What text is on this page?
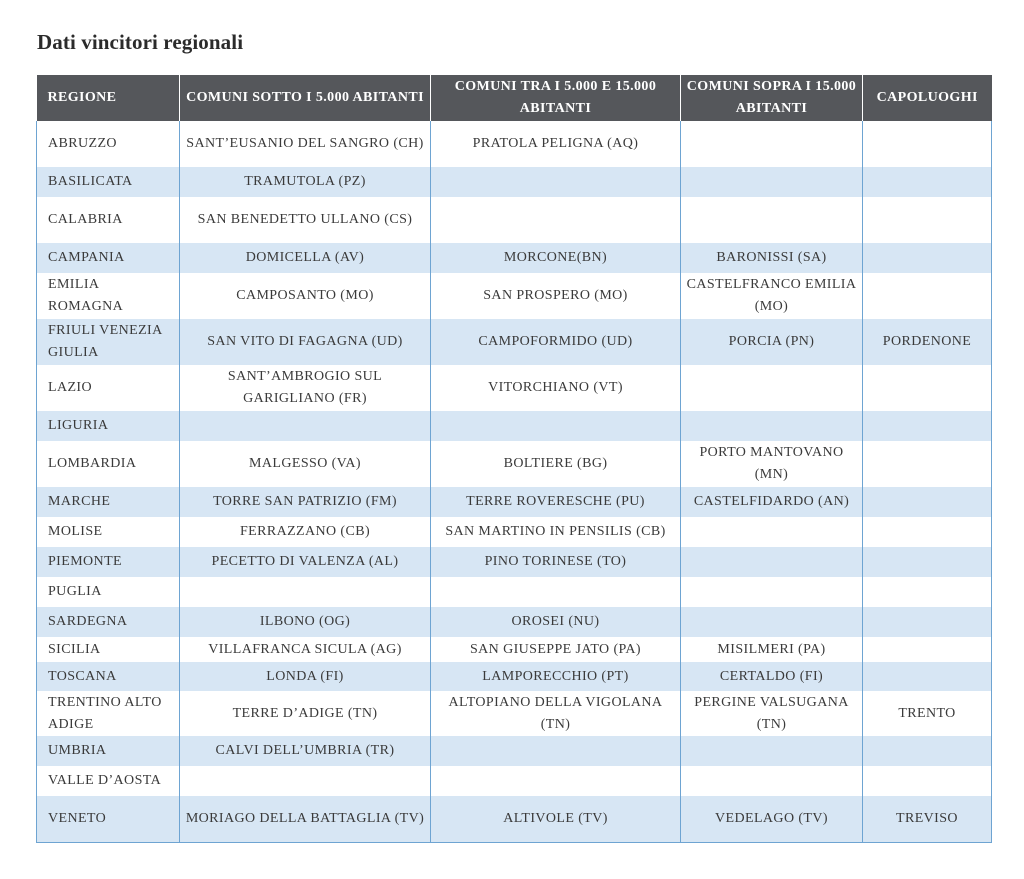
Dati vincitori regionali
REGIONE	COMUNI SOTTO I 5.000 ABITANTI	COMUNI TRA I 5.000 E 15.000 ABITANTI	COMUNI SOPRA I 15.000 ABITANTI	CAPOLUOGHI
ABRUZZO	SANT’EUSANIO DEL SANGRO (CH)	PRATOLA PELIGNA (AQ)		
BASILICATA	TRAMUTOLA (PZ)			
CALABRIA	SAN BENEDETTO ULLANO (CS)			
CAMPANIA	DOMICELLA (AV)	MORCONE(BN)	BARONISSI (SA)	
EMILIA ROMAGNA	CAMPOSANTO (MO)	SAN PROSPERO (MO)	CASTELFRANCO EMILIA (MO)	
FRIULI VENEZIA GIULIA	SAN VITO DI FAGAGNA (UD)	CAMPOFORMIDO (UD)	PORCIA (PN)	PORDENONE
LAZIO	SANT’AMBROGIO SUL GARIGLIANO (FR)	VITORCHIANO (VT)		
LIGURIA				
LOMBARDIA	MALGESSO (VA)	BOLTIERE (BG)	PORTO MANTOVANO (MN)	
MARCHE	TORRE SAN PATRIZIO (FM)	TERRE ROVERESCHE (PU)	CASTELFIDARDO (AN)	
MOLISE	FERRAZZANO (CB)	SAN MARTINO IN PENSILIS (CB)		
PIEMONTE	PECETTO DI VALENZA (AL)	PINO TORINESE (TO)		
PUGLIA				
SARDEGNA	ILBONO (OG)	OROSEI (NU)		
SICILIA	VILLAFRANCA SICULA (AG)	SAN GIUSEPPE JATO (PA)	MISILMERI (PA)	
TOSCANA	LONDA (FI)	LAMPORECCHIO (PT)	CERTALDO (FI)	
TRENTINO ALTO ADIGE	TERRE D’ADIGE (TN)	ALTOPIANO DELLA VIGOLANA (TN)	PERGINE VALSUGANA (TN)	TRENTO
UMBRIA	CALVI DELL’UMBRIA (TR)			
VALLE D’AOSTA				
VENETO	MORIAGO DELLA BATTAGLIA (TV)	ALTIVOLE (TV)	VEDELAGO (TV)	TREVISO
